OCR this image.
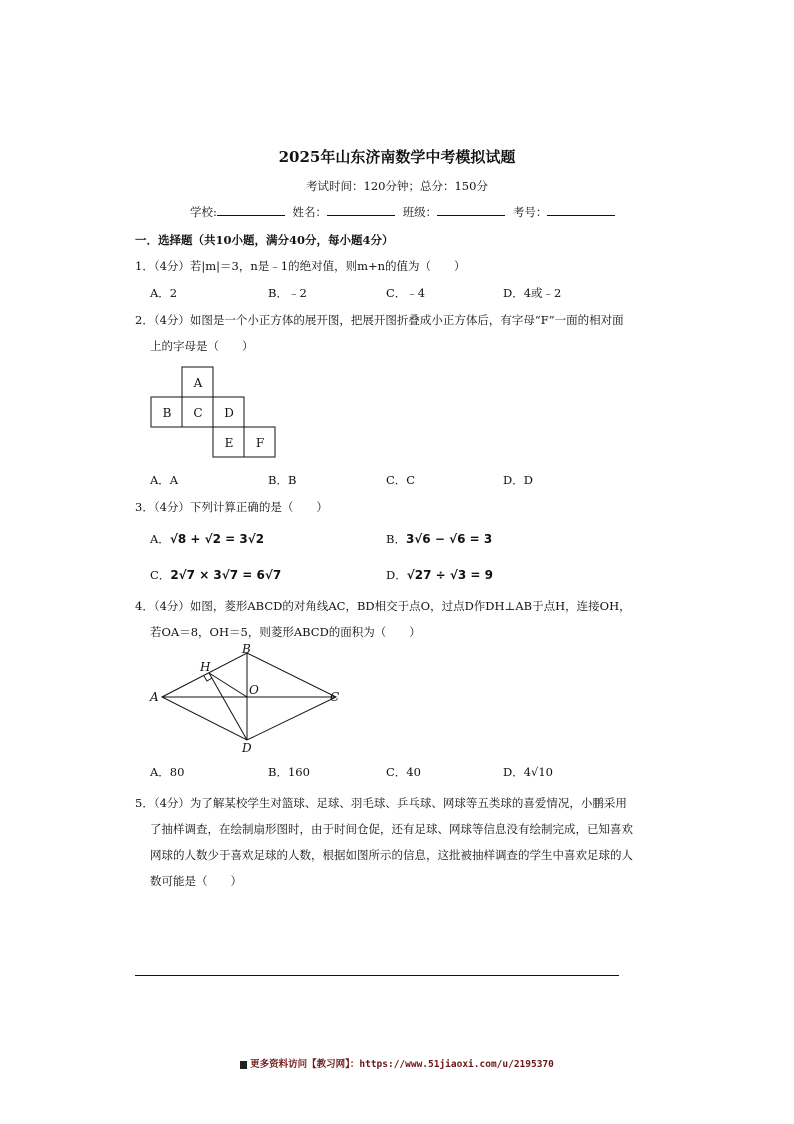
2025年山东济南数学中考模拟试题
考试时间：120分钟；总分：150分
学校:	姓名：	班级：	考号：
一．选择题（共10小题，满分40分，每小题4分）
1．（4分）若|m|＝3，n是﹣1的绝对值，则m+n的值为（　　）
A．2	B．﹣2	C．﹣4	D．4或﹣2
2．（4分）如图是一个小正方体的展开图，把展开图折叠成小正方体后，有字母“F”一面的相对面
上的字母是（　　）
A
B C D
E F
A．A	B．B	C．C	D．D
3．（4分）下列计算正确的是（　　）
A．√8 + √2 = 3√2	B．3√6 − √6 = 3
C．2√7 × 3√7 = 6√7	D．√27 ÷ √3 = 9
4．（4分）如图，菱形ABCD的对角线AC，BD相交于点O，过点D作DH⊥AB于点H，连接OH，
若OA＝8，OH＝5，则菱形ABCD的面积为（　　）
H
B
A	O	C
D
A．80	B．160	C．40	D．4√10
5．（4分）为了解某校学生对篮球、足球、羽毛球、乒乓球、网球等五类球的喜爱情况，小鹏采用
了抽样调查，在绘制扇形图时，由于时间仓促，还有足球、网球等信息没有绘制完成，已知喜欢
网球的人数少于喜欢足球的人数，根据如图所示的信息，这批被抽样调查的学生中喜欢足球的人
数可能是（　　）
更多资料访问【教习网】：https://www.51jiaoxi.com/u/2195370
